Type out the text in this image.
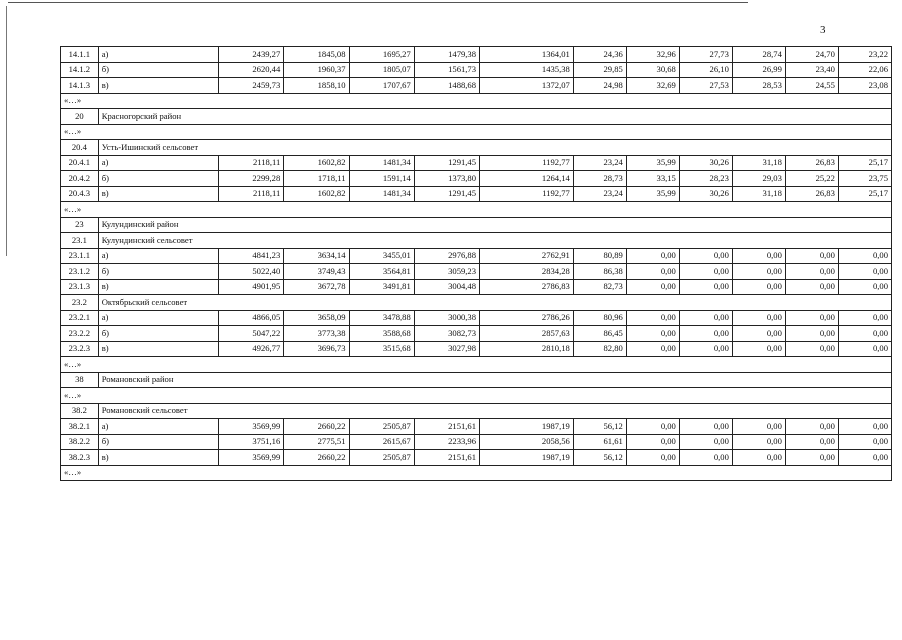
3
14.1.1	а)	2439,27	1845,08	1695,27	1479,38	1364,01	24,36	32,96	27,73	28,74	24,70	23,22
14.1.2	б)	2620,44	1960,37	1805,07	1561,73	1435,38	29,85	30,68	26,10	26,99	23,40	22,06
14.1.3	в)	2459,73	1858,10	1707,67	1488,68	1372,07	24,98	32,69	27,53	28,53	24,55	23,08
«…»												
20	Красногорский район											
«…»												
20.4	Усть-Ишинский сельсовет											
20.4.1	а)	2118,11	1602,82	1481,34	1291,45	1192,77	23,24	35,99	30,26	31,18	26,83	25,17
20.4.2	б)	2299,28	1718,11	1591,14	1373,80	1264,14	28,73	33,15	28,23	29,03	25,22	23,75
20.4.3	в)	2118,11	1602,82	1481,34	1291,45	1192,77	23,24	35,99	30,26	31,18	26,83	25,17
«…»												
23	Кулундинский район											
23.1	Кулундинский сельсовет											
23.1.1	а)	4841,23	3634,14	3455,01	2976,88	2762,91	80,89	0,00	0,00	0,00	0,00	0,00
23.1.2	б)	5022,40	3749,43	3564,81	3059,23	2834,28	86,38	0,00	0,00	0,00	0,00	0,00
23.1.3	в)	4901,95	3672,78	3491,81	3004,48	2786,83	82,73	0,00	0,00	0,00	0,00	0,00
23.2	Октябрьский сельсовет											
23.2.1	а)	4866,05	3658,09	3478,88	3000,38	2786,26	80,96	0,00	0,00	0,00	0,00	0,00
23.2.2	б)	5047,22	3773,38	3588,68	3082,73	2857,63	86,45	0,00	0,00	0,00	0,00	0,00
23.2.3	в)	4926,77	3696,73	3515,68	3027,98	2810,18	82,80	0,00	0,00	0,00	0,00	0,00
«…»												
38	Романовский район											
«…»												
38.2	Романовский сельсовет											
38.2.1	а)	3569,99	2660,22	2505,87	2151,61	1987,19	56,12	0,00	0,00	0,00	0,00	0,00
38.2.2	б)	3751,16	2775,51	2615,67	2233,96	2058,56	61,61	0,00	0,00	0,00	0,00	0,00
38.2.3	в)	3569,99	2660,22	2505,87	2151,61	1987,19	56,12	0,00	0,00	0,00	0,00	0,00
«…»												
